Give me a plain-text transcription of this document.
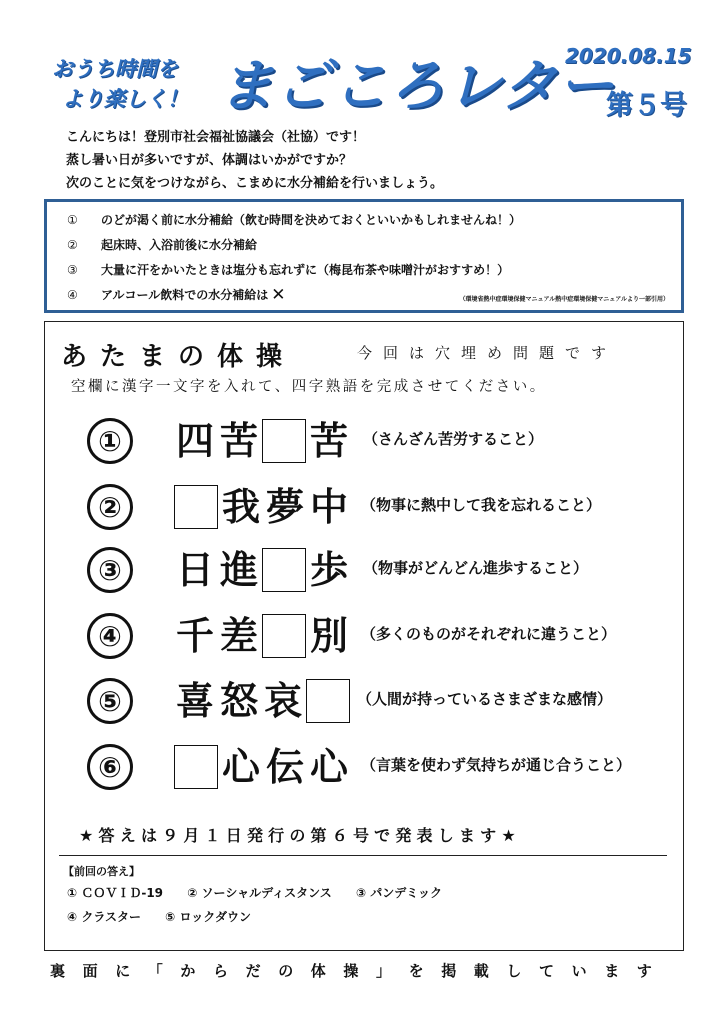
おうち時間を
より楽しく！ まごころレター
2020.08.15
第５号

こんにちは！登別市社会福祉協議会（社協）です！

蒸し暑い日が多いですが、体調はいかがですか？

次のことに気をつけながら、こまめに水分補給を行いましょう。

①	のどが渇く前に水分補給（飲む時間を決めておくといいかもしれませんね！）
②	起床時、入浴前後に水分補給
③	大量に汗をかいたときは塩分も忘れずに（梅昆布茶や味噌汁がおすすめ！）
④	アルコール飲料での水分補給は ✕	（環境省熱中症環境保健マニュアル熱中症環境保健マニュアルより一部引用）
あたまの体操	今回は穴埋め問題です
空欄に漢字一文字を入れて、四字熟語を完成させてください。
① 四 苦 苦 （さんざん苦労すること）
②	我 夢 中 （物事に熱中して我を忘れること）
③ 日 進 歩 （物事がどんどん進歩すること）
④ 千 差 別 （多くのものがそれぞれに違うこと）
⑤ 喜 怒 哀	（人間が持っているさまざまな感情）
⑥	心 伝 心 （言葉を使わず気持ちが通じ合うこと）
★答えは９月１日発行の第６号で発表します★
【前回の答え】
① ＣＯＶＩＤ-19 ② ソーシャルディスタンス ③ パンデミック
④ クラスター ⑤ ロックダウン
裏面に「からだの体操」を掲載しています
